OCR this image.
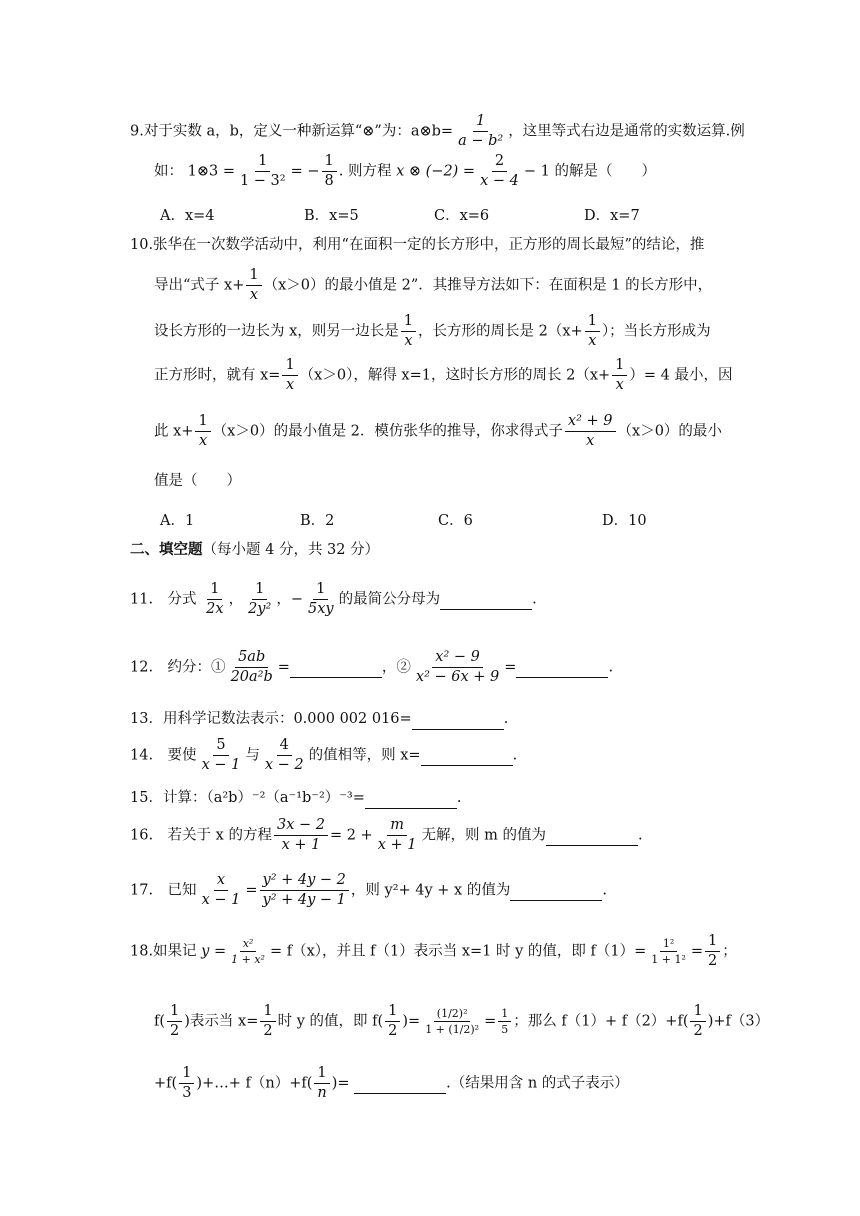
9.对于实数 a，b，定义一种新运算“⊗”为：a⊗b= $\frac{1}{\text{a − b²}}$ ，这里等式右边是通常的实数运算.例
如： 1⊗3 = $\frac{1}{\text{1 − 3²}}$ = − $\frac{1}{8}$ . 则方程 x ⊗ $(-2) = \frac{2}{x - 4} - 1$ 的解是（　　）
A．x=4	B．x=5	C．x=6	D．x=7
10.张华在一次数学活动中，利用“在面积一定的长方形中，正方形的周长最短”的结论，推
导出“式子 $x+ \frac{1}{x} (x>0)$的最小值是 2”．其推导方法如下：在面积是 1 的长方形中，
设长方形的一边长为 x，则另一边长是 $\frac{1}{x}$ ，长方形的周长是 $2(x+ \frac{1}{x}$ ）；当长方形成为
正方形时，就有 $x= \frac{1}{x} (x>0)$，解得 x=1，这时长方形的周长 $2(x+ \frac{1}{x}$ ）= 4 最小，因
此 $x+ \frac{1}{x} (x>0)$的最小值是 2．模仿张华的推导，你求得式子 $\frac{\text{x² + 9}}{x} (x>0)$的最小
值是（　　）
A．1	B．2	C．6	D．10
二、填空题（每小题 4 分，共 32 分）
11.　分式 $\frac{1}{2x}$ ， $\frac{1}{\text{2y²}}$ ，− $\frac{1}{5xy}$ 的最简公分母为	.
12.　约分：① $\frac{5ab}{\text{20a²b}}$ =	，② $\frac{\text{x² − 9}}{\text{x² − 6x + 9}}$ =	.
13．用科学记数法表示：0.000 002 016=	.
14.　要使 $\frac{5}{x - 1}$ 与 $\frac{4}{x - 2}$ 的值相等，则 x=	.
15．计算：（a²b）⁻²（a⁻¹b⁻²）⁻³=	.
16.　若关于 x 的方程 $\frac{3x - 2}{x + 1} = 2 + \frac{m}{x + 1}$ 无解，则 m 的值为	.
17.　已知 $\frac{x}{x - 1} = \frac{\text{y² + 4y − 2}}{\text{y² + 4y − 1}}$ ，则 y²+ 4y + x 的值为	.
18.如果记 $y = \frac{\text{x²}}{\text{1 + x²}} = f(x)$，并且 f（1）表示当 x=1 时 y 的值，即 $f(1)= \frac{\text{1²}}{\text{1 + 1²}} = \frac{1}{2}$ ；
$f( \frac{1}{2}$ )表示当 $x= \frac{1}{2}$ 时 y 的值，即 $f( \frac{1}{2}$ )= $\frac{\text{(1/2)²}}{\text{1 + (1/2)²}} = \frac{1}{5}$ ；那么 $f(1)+ f(2)+f( \frac{1}{2} )+f(3)$
$+f( \frac{1}{3}$ )+…+ $f(n)+f( \frac{1}{n}$ )=	.（结果用含 n 的式子表示）
